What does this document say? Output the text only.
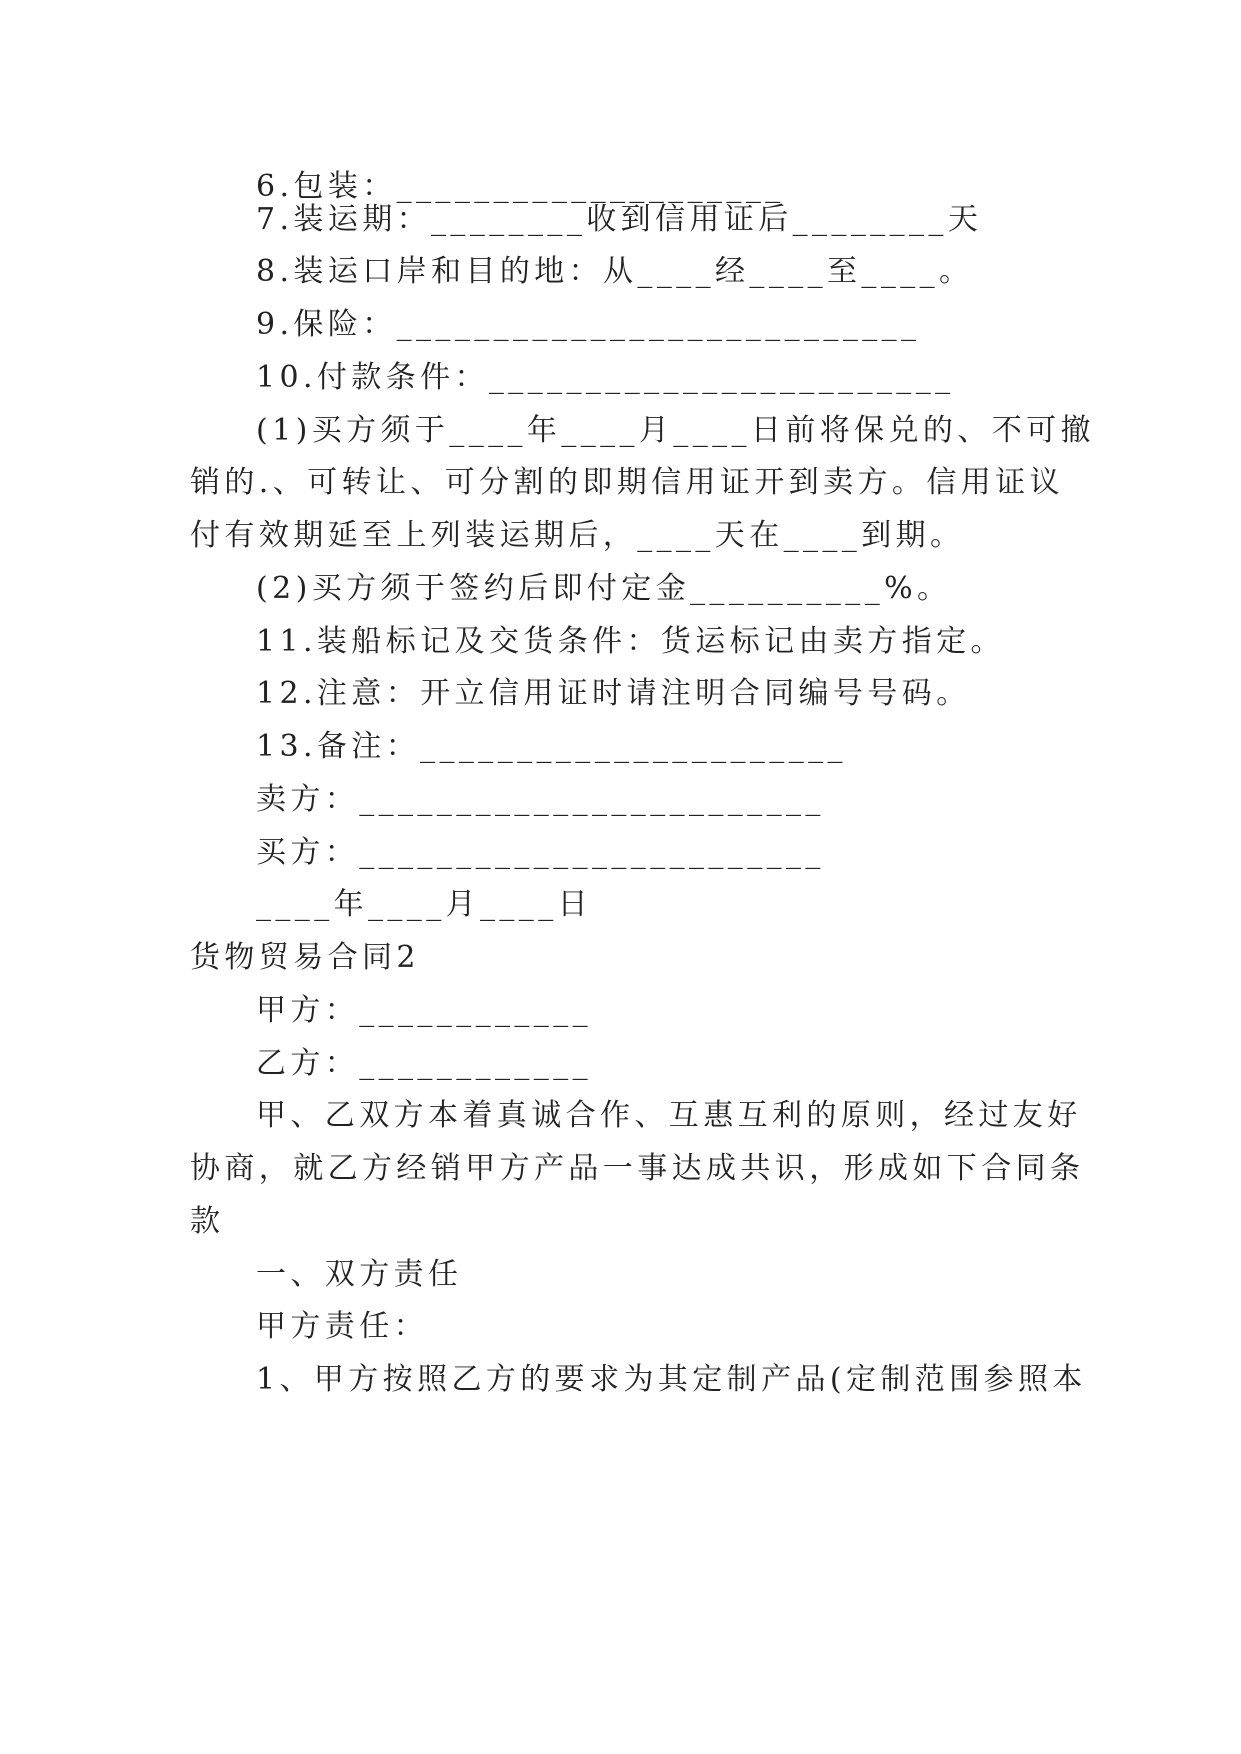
6.包装：____________________
7.装运期：________收到信用证后________天
8.装运口岸和目的地：从____经____至____。
9.保险：___________________________
10.付款条件：________________________
(1)买方须于____年____月____日前将保兑的、不可撤
销的.、可转让、可分割的即期信用证开到卖方。信用证议
付有效期延至上列装运期后，____天在____到期。
(2)买方须于签约后即付定金__________%。
11.装船标记及交货条件：货运标记由卖方指定。
12.注意：开立信用证时请注明合同编号号码。
13.备注：______________________
卖方：________________________
买方：________________________
____年____月____日
货物贸易合同2
甲方：____________
乙方：____________
甲、乙双方本着真诚合作、互惠互利的原则，经过友好
协商，就乙方经销甲方产品一事达成共识，形成如下合同条
款
一、双方责任
甲方责任：
1、甲方按照乙方的要求为其定制产品(定制范围参照本
